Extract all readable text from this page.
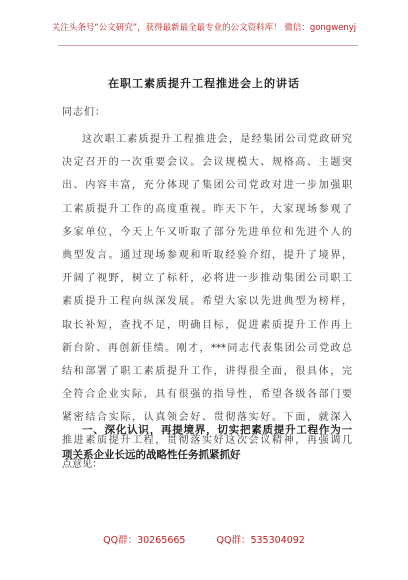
关注头条号“公文研究”，获得最新最全最专业的公文资料库！ 微信：gongwenyj
在职工素质提升工程推进会上的讲话
同志们：
这次职工素质提升工程推进会，是经集团公司党政研究
决定召开的一次重要会议。会议规模大、规格高、主题突
出、内容丰富，充分体现了集团公司党政对进一步加强职
工素质提升工作的高度重视。昨天下午，大家现场参观了
多家单位，今天上午又听取了部分先进单位和先进个人的
典型发言。通过现场参观和听取经验介绍，提升了境界，
开阔了视野，树立了标杆，必将进一步推动集团公司职工
素质提升工程向纵深发展。希望大家以先进典型为榜样，
取长补短，查找不足，明确目标，促进素质提升工作再上
新台阶、再创新佳绩。刚才，***同志代表集团公司党政总
结和部署了职工素质提升工作，讲得很全面，很具体，完
全符合企业实际，具有很强的指导性，希望各级各部门要
紧密结合实际，认真领会好、贯彻落实好。下面，就深入
推进素质提升工程，贯彻落实好这次会议精神，再强调几
点意见：
一、深化认识，再提境界，切实把素质提升工程作为一
项关系企业长远的战略性任务抓紧抓好
QQ群：30265665	QQ群：535304092
